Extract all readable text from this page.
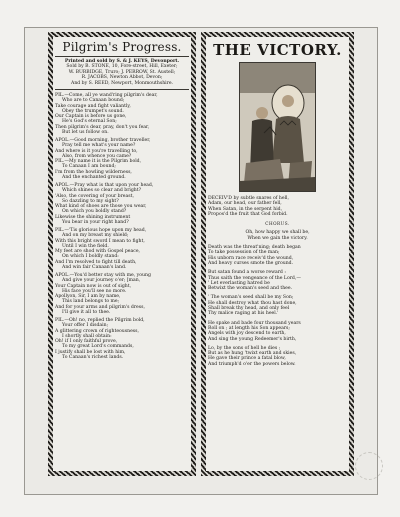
Pilgrim's Progress.
Printed and sold by S. & J. KEYS, Devonport.
Sold by B. STONE, 10, Fore-street, Hill, Exeter;
W. BURBIDGE, Truro; J. PERROW, St. Austell;
R. JACOBS, Newton Abbot, Devon;
And by S. REED, Newport, Monmouthshire.
PIL.—Come, all ye wand'ring pilgrim's dear,
Who are to Canaan bound;
Take courage and fight valiantly,
Obey the trumpet's sound.
Our Captain is before us gone,
He's God's eternal Son;
Then pilgrim's dear, pray, don't you fear,
But let us follow on.
APOL.—Good morning, brother traveller,
Pray tell me what's your name?
And where is it you're travelling to,
Also, from whence you came?
PIL.—My name it is the Pilgrim bold,
To Canaan I am bound;
I'm from the howling wilderness,
And the enchanted ground.
APOL.—Pray what is that upon your head,
Which shines so clear and bright?
'Also, the covering of your breast,
So dazzling to my sight?
What kind of shoes are those you wear,
On which you boldly stand?
Likewise the shining instrument
You bear in your right hand?
PIL.—'Tis glorious hope upon my head,
And on my breast my shield;
With this bright sword I mean to fight,
Until I win the field.
My feet are shod with Gospel peace,
On which I boldly stand:
And I'm resolved to fight till death,
And win fair Canaan's land.
APOL.—You'd better stay with me, young
And give your journey o'er; [man,
Your Captain now is out of sight,
His face you'll see no more.
Apollyon, Sir, I am by name,
This land belongs to me;
And for your arms and pilgrim's dress,
I'll give it all to thee.
PIL.—Oh! no, replied the Pilgrim bold,
Your offer I disdain;
A glittering crown of righteousness,
I shortly shall obtain:
Oh! if I only faithful prove,
To my great Lord's commands,
I justify shall be lost with him,
To Canaan's richest lands.
THE VICTORY.
DECEIV'D by subtle snares of hell,
Adam, our head, our father fell,
When Satan, in the serpent hid,
Propos'd the fruit that God forbid.
CHORUS.
Oh, how happy we shall be,
When we gain the victory.
Death was the threat'ning; death began
To take possession of the man;
His unborn race receiv'd the wound,
And heavy curses smote the ground.
But satan found a worse reward :
Thus saith the vengeance of the Lord,—
' Let everlasting hatred be
Betwixt the woman's seed and thee.
' The woman's seed shall be my Son;
He shall destroy what thou hast done,
Shall break thy head, and only feel
Thy malice raging at his heel.'
He spake and bade four thousand years
Roll on ; at length his Son appears;
Angels with joy descend to earth,
And sing the young Redeemer's birth,
Lo, by the sons of hell he dies ;
But as he hung 'twixt earth and skies,
He gave their prince a fatal blow,
And triumph'd o'er the powers below.
